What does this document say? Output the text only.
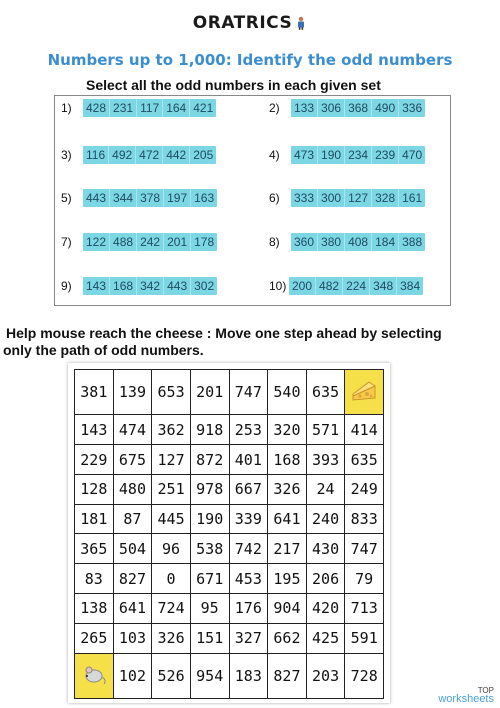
ORATRICS
Numbers up to 1,000: Identify the odd numbers
Select all the odd numbers in each given set
Help mouse reach the cheese : Move one step ahead by selecting
only the path of odd numbers.
381	139	653	201	747	540	635	
143	474	362	918	253	320	571	414
229	675	127	872	401	168	393	635
128	480	251	978	667	326	24	249
181	87	445	190	339	641	240	833
365	504	96	538	742	217	430	747
83	827	0	671	453	195	206	79
138	641	724	95	176	904	420	713
265	103	326	151	327	662	425	591
	102	526	954	183	827	203	728
TOP
worksheets
1)	428 231 117 164 421	2)	133 306 368 490 336
3)	116 492 472 442 205	4)	473 190 234 239 470
5)	443 344 378 197 163	6)	333 300 127 328 161
7)	122 488 242 201 178	8)	360 380 408 184 388
9)	143 168 342 443 302	10) 200 482 224 348 384
